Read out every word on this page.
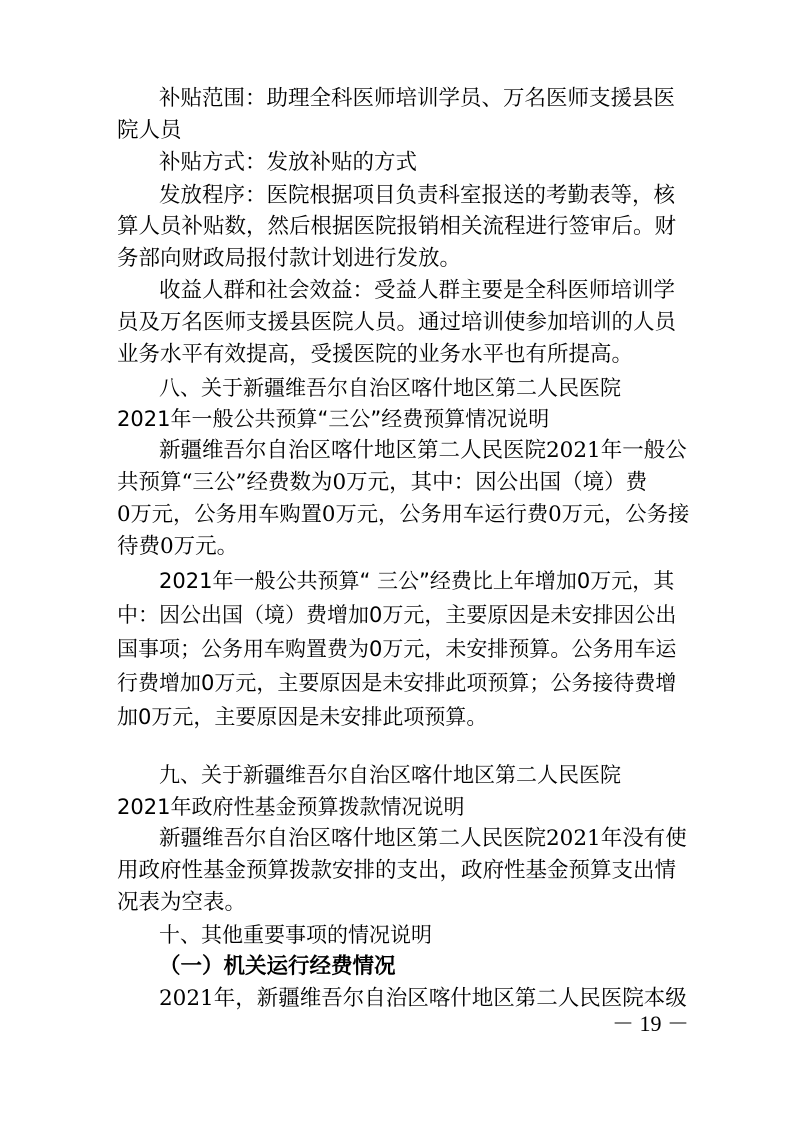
补贴范围：助理全科医师培训学员、万名医师支援县医

院人员

补贴方式：发放补贴的方式

发放程序：医院根据项目负责科室报送的考勤表等，核

算人员补贴数，然后根据医院报销相关流程进行签审后。财

务部向财政局报付款计划进行发放。

收益人群和社会效益：受益人群主要是全科医师培训学

员及万名医师支援县医院人员。通过培训使参加培训的人员

业务水平有效提高，受援医院的业务水平也有所提高。

八、关于新疆维吾尔自治区喀什地区第二人民医院

2021年一般公共预算“三公”经费预算情况说明

新疆维吾尔自治区喀什地区第二人民医院2021年一般公

共预算“三公”经费数为0万元，其中：因公出国（境）费

0万元，公务用车购置0万元，公务用车运行费0万元，公务接

待费0万元。

2021年一般公共预算“ 三公”经费比上年增加0万元，其

中：因公出国（境）费增加0万元，主要原因是未安排因公出

国事项；公务用车购置费为0万元，未安排预算。公务用车运

行费增加0万元，主要原因是未安排此项预算；公务接待费增

加0万元，主要原因是未安排此项预算。

九、关于新疆维吾尔自治区喀什地区第二人民医院

2021年政府性基金预算拨款情况说明

新疆维吾尔自治区喀什地区第二人民医院2021年没有使

用政府性基金预算拨款安排的支出，政府性基金预算支出情

况表为空表。

十、其他重要事项的情况说明

（一）机关运行经费情况

2021年，新疆维吾尔自治区喀什地区第二人民医院本级

－ 19 －
